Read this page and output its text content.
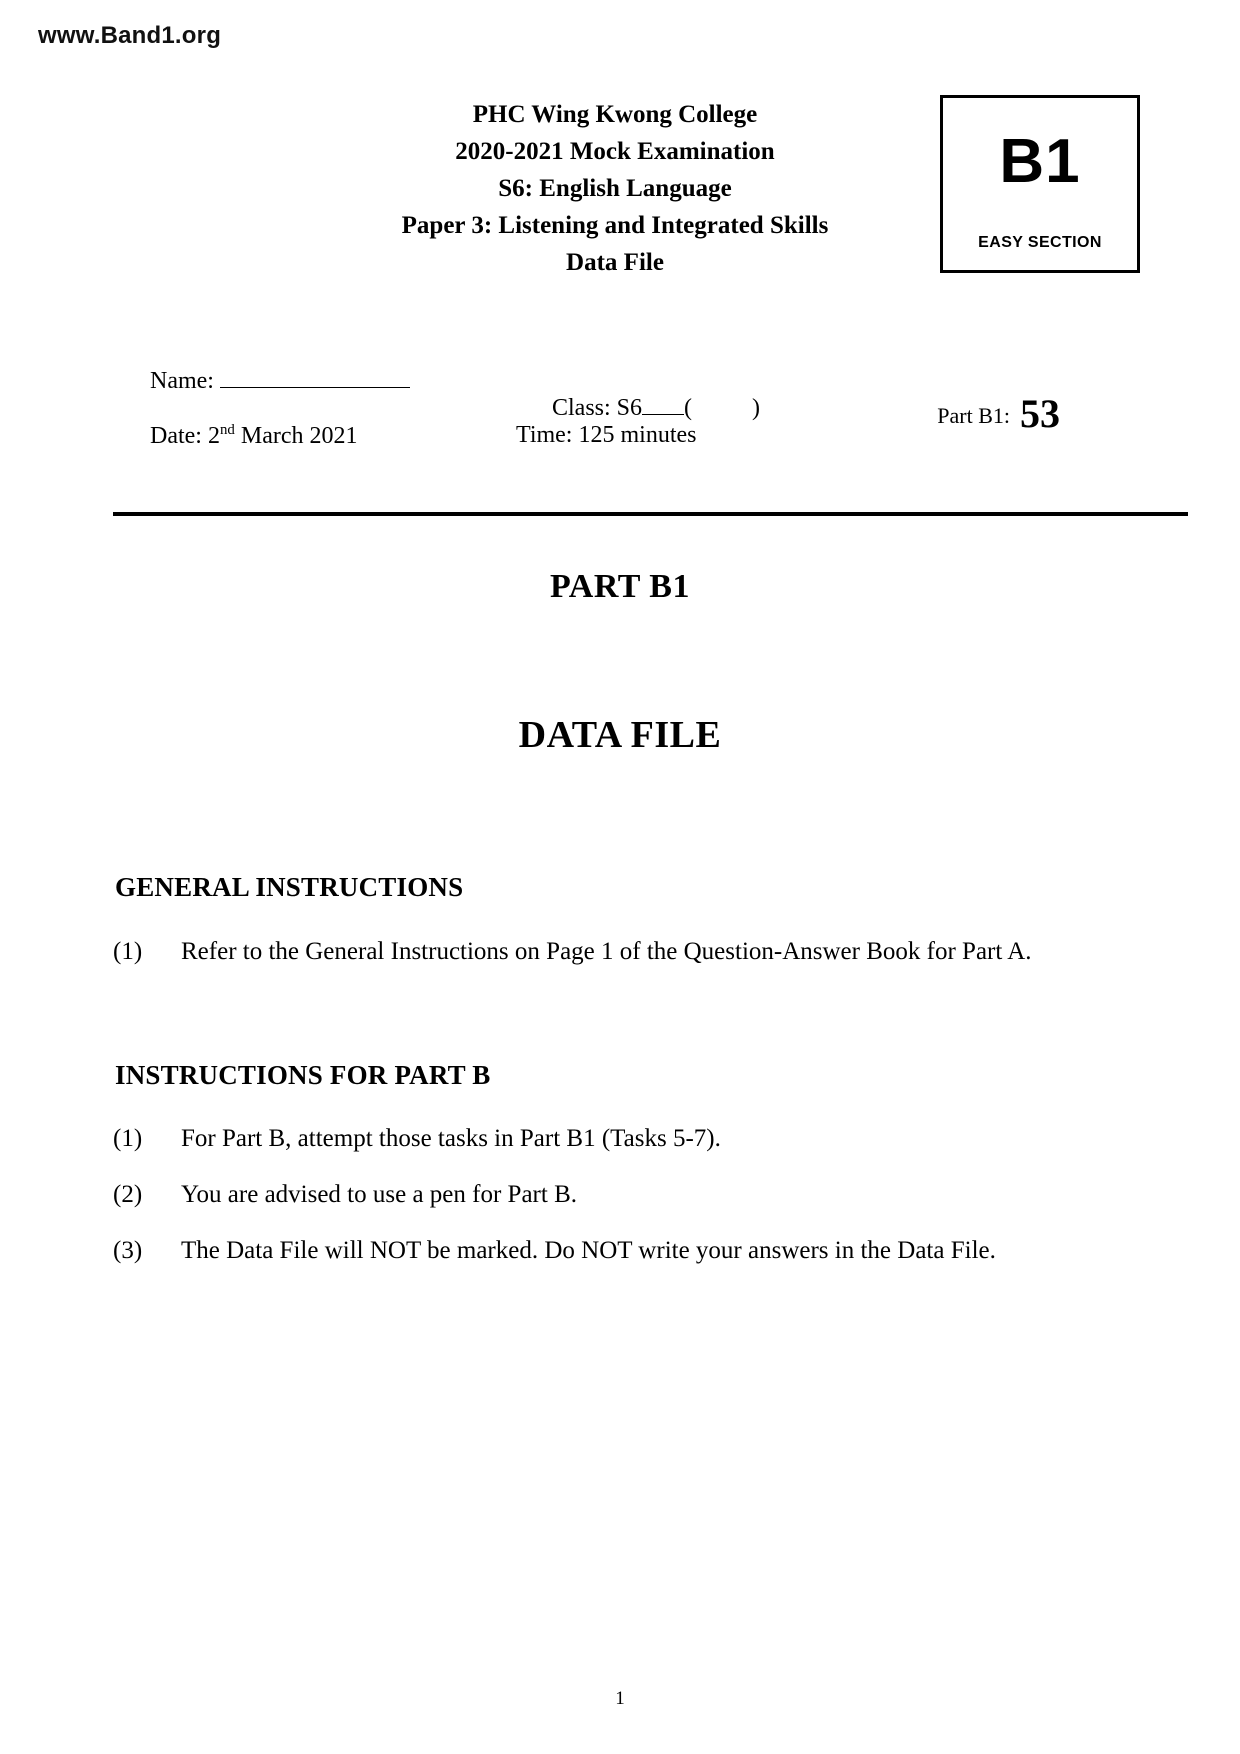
www.Band1.org
PHC Wing Kwong College
2020-2021 Mock Examination
S6: English Language
Paper 3: Listening and Integrated Skills
Data File
B1
EASY SECTION
Name:

Class: S6 (          )

Date: 2nd March 2021	Time: 125 minutes
Part B1: 53
PART B1
DATA FILE
GENERAL INSTRUCTIONS
(1) Refer to the General Instructions on Page 1 of the Question-Answer Book for Part A.
INSTRUCTIONS FOR PART B
(1) For Part B, attempt those tasks in Part B1 (Tasks 5-7).
(2) You are advised to use a pen for Part B.
(3) The Data File will NOT be marked. Do NOT write your answers in the Data File.
1
